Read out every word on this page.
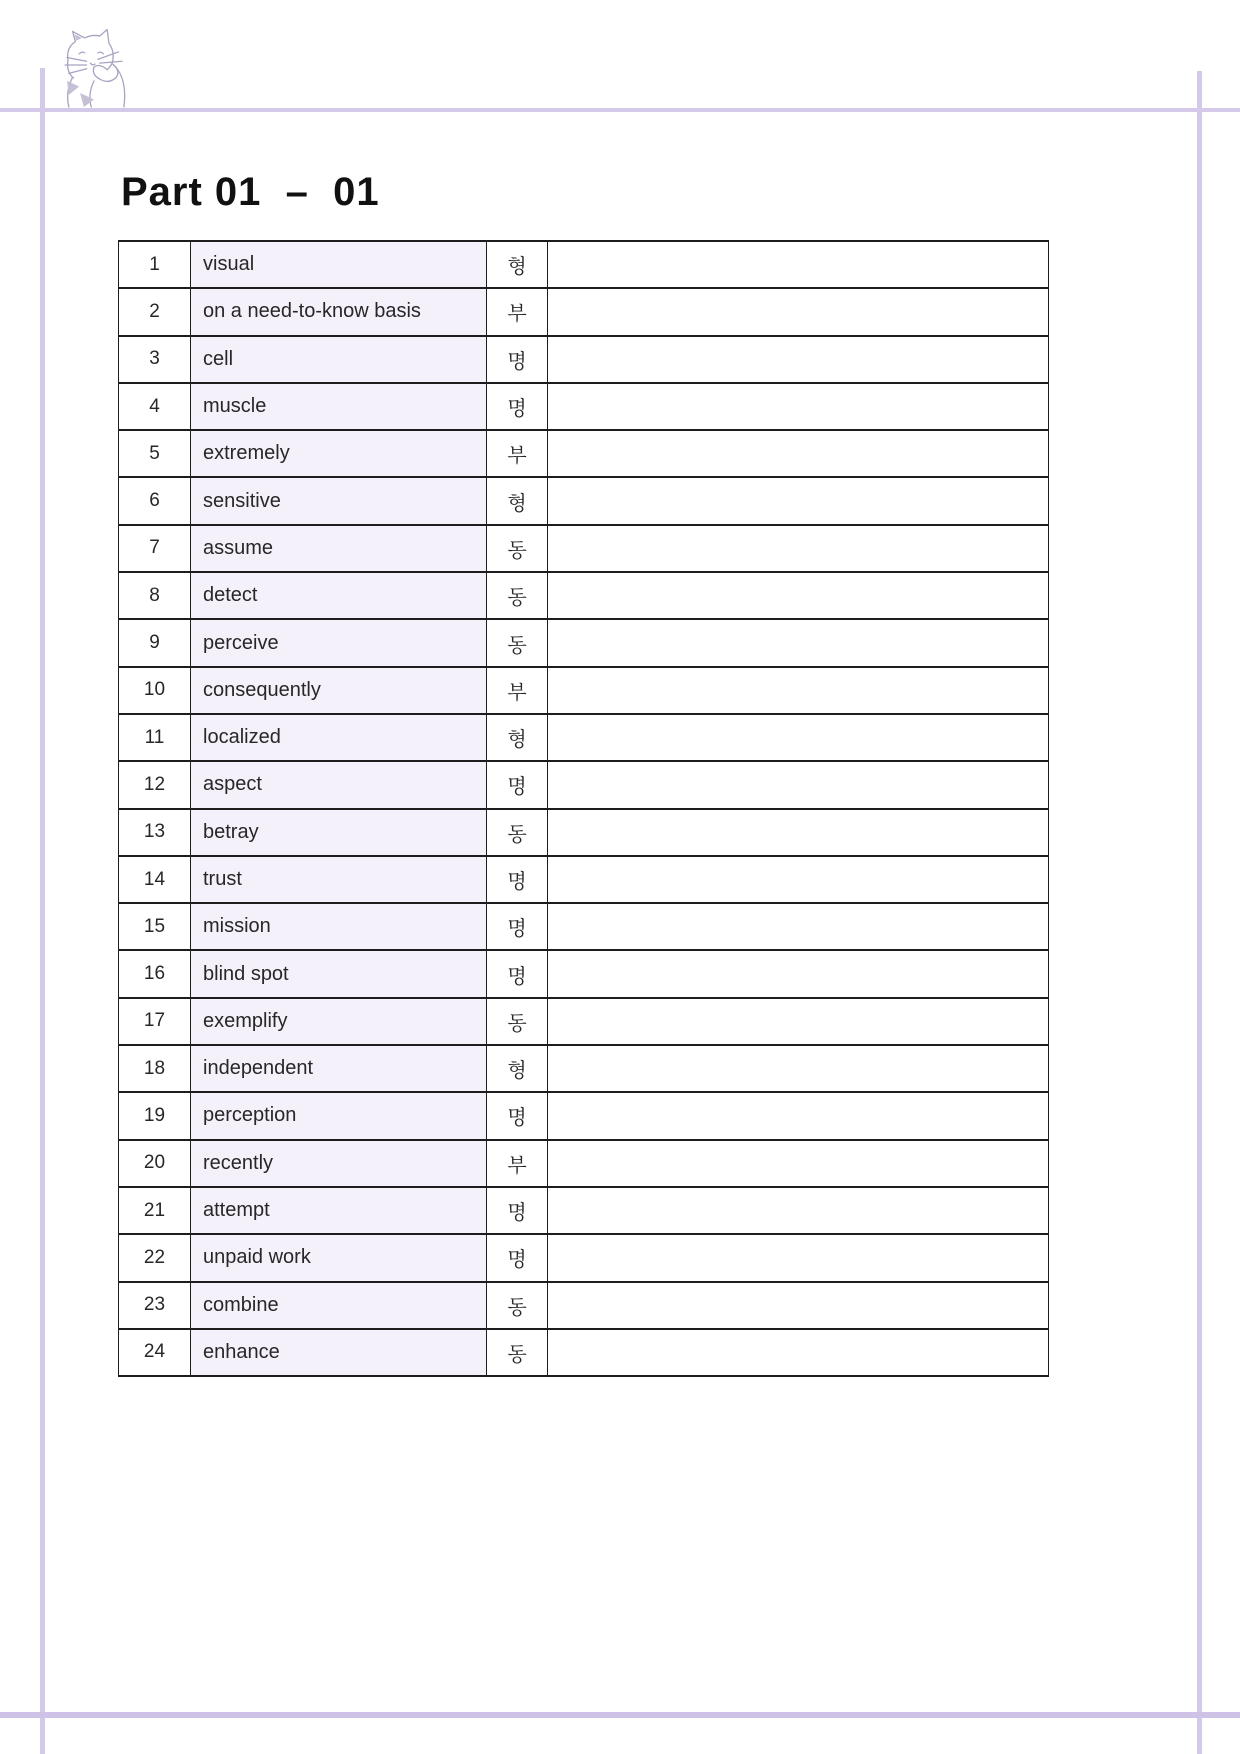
Part 01  –  01
1	visual	형	
2	on a need-to-know basis	부	
3	cell	명	
4	muscle	명	
5	extremely	부	
6	sensitive	형	
7	assume	동	
8	detect	동	
9	perceive	동	
10	consequently	부	
11	localized	형	
12	aspect	명	
13	betray	동	
14	trust	명	
15	mission	명	
16	blind spot	명	
17	exemplify	동	
18	independent	형	
19	perception	명	
20	recently	부	
21	attempt	명	
22	unpaid work	명	
23	combine	동	
24	enhance	동	
